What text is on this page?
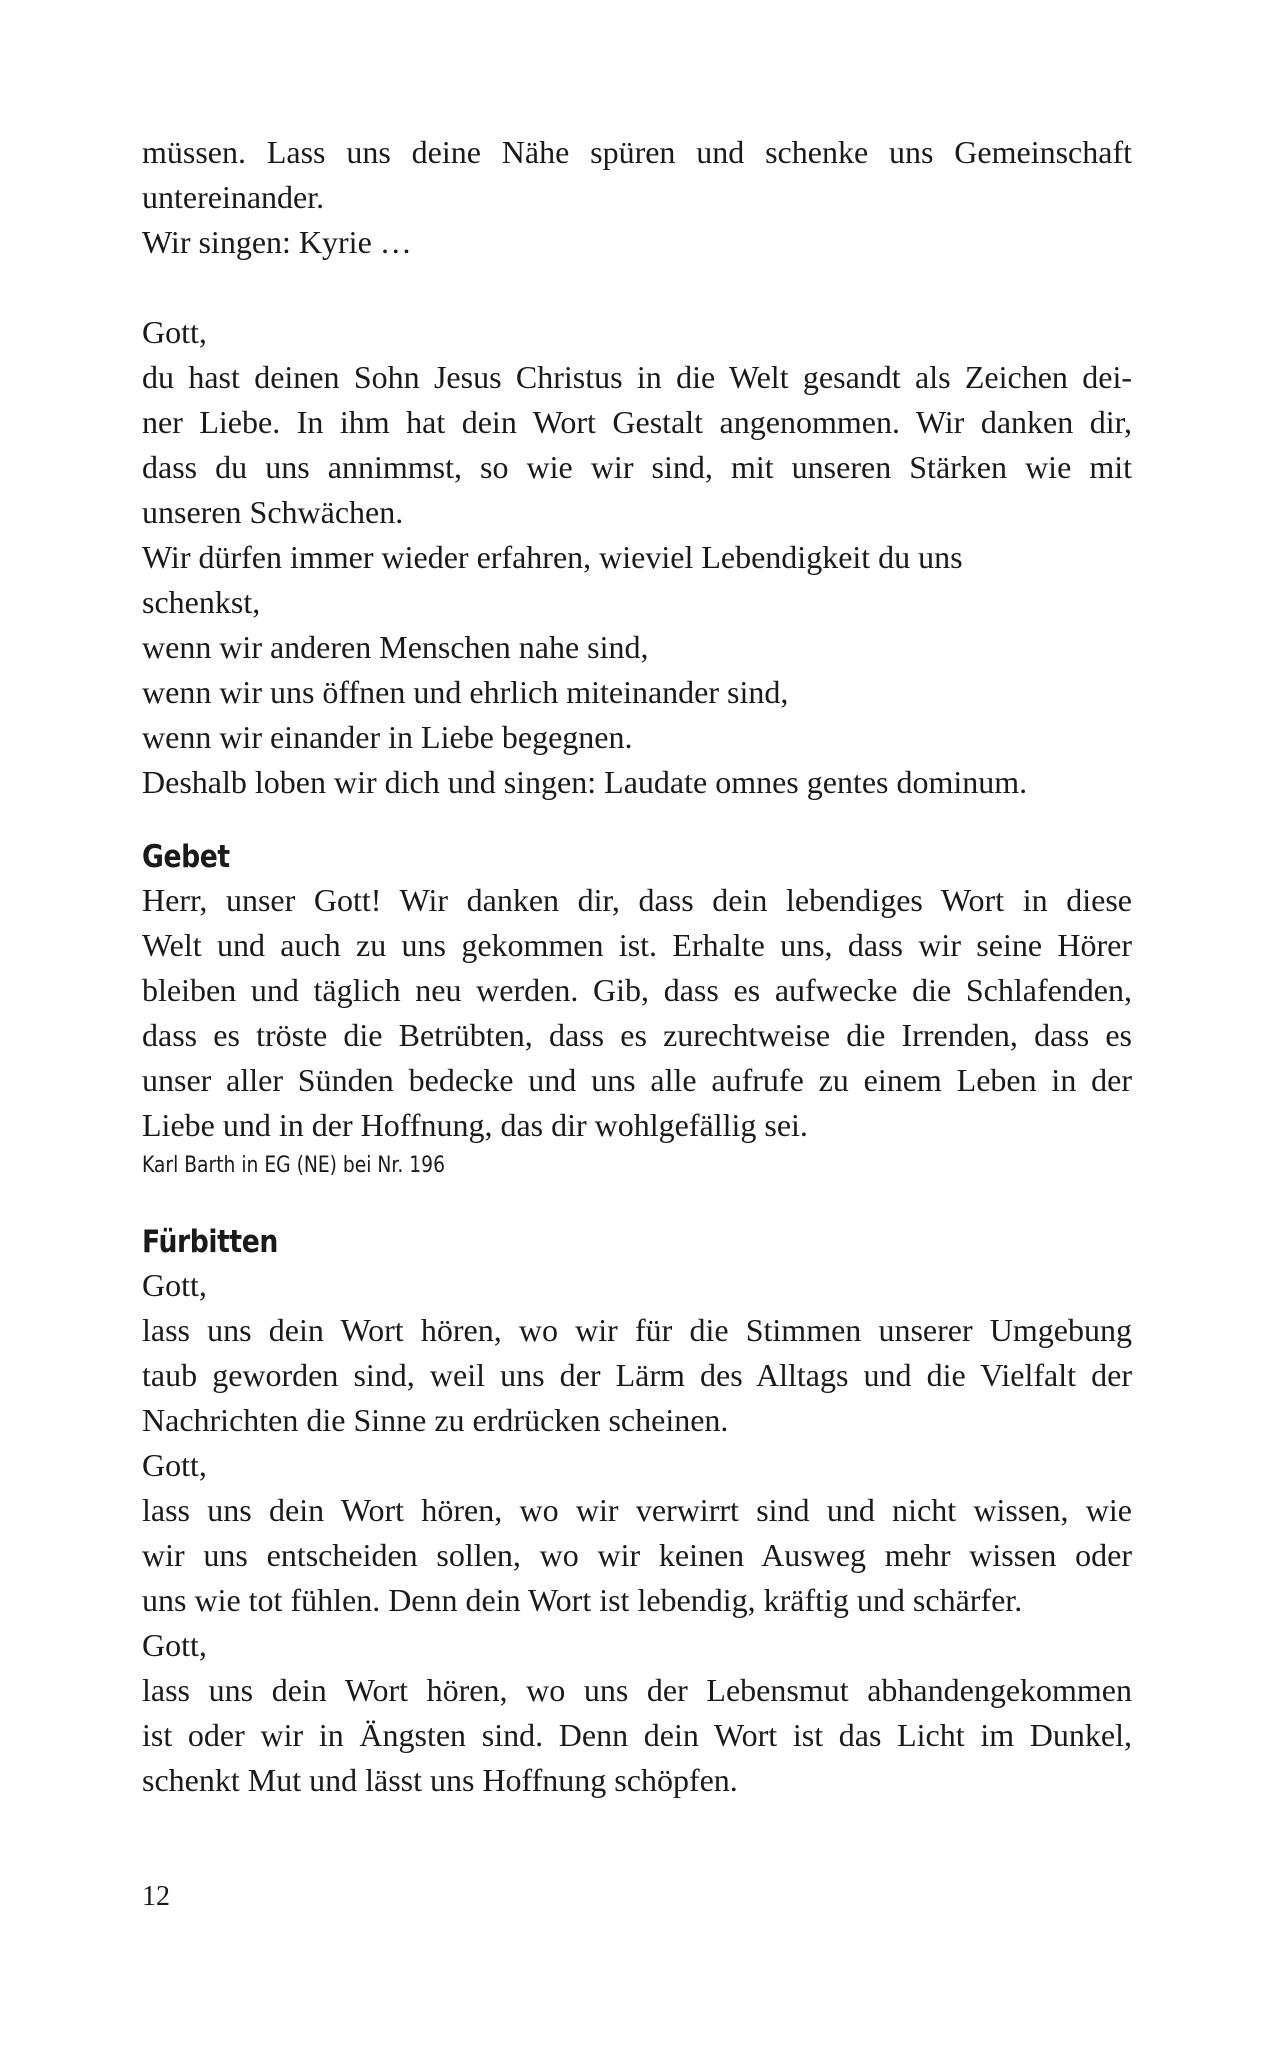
müssen. Lass uns deine Nähe spüren und schenke uns Gemeinschaft
untereinander.
Wir singen: Kyrie …
Gott,
du hast deinen Sohn Jesus Christus in die Welt gesandt als Zeichen dei-
ner Liebe. In ihm hat dein Wort Gestalt angenommen. Wir danken dir,
dass du uns annimmst, so wie wir sind, mit unseren Stärken wie mit
unseren Schwächen.
Wir dürfen immer wieder erfahren, wieviel Lebendigkeit du uns
schenkst,
wenn wir anderen Menschen nahe sind,
wenn wir uns öffnen und ehrlich miteinander sind,
wenn wir einander in Liebe begegnen.
Deshalb loben wir dich und singen: Laudate omnes gentes dominum.
Gebet
Herr, unser Gott! Wir danken dir, dass dein lebendiges Wort in diese
Welt und auch zu uns gekommen ist. Erhalte uns, dass wir seine Hörer
bleiben und täglich neu werden. Gib, dass es aufwecke die Schlafenden,
dass es tröste die Betrübten, dass es zurechtweise die Irrenden, dass es
unser aller Sünden bedecke und uns alle aufrufe zu einem Leben in der
Liebe und in der Hoffnung, das dir wohlgefällig sei.
Karl Barth in EG (NE) bei Nr. 196
Fürbitten
Gott,
lass uns dein Wort hören, wo wir für die Stimmen unserer Umgebung
taub geworden sind, weil uns der Lärm des Alltags und die Vielfalt der
Nachrichten die Sinne zu erdrücken scheinen.
Gott,
lass uns dein Wort hören, wo wir verwirrt sind und nicht wissen, wie
wir uns entscheiden sollen, wo wir keinen Ausweg mehr wissen oder
uns wie tot fühlen. Denn dein Wort ist lebendig, kräftig und schärfer.
Gott,
lass uns dein Wort hören, wo uns der Lebensmut abhandengekommen
ist oder wir in Ängsten sind. Denn dein Wort ist das Licht im Dunkel,
schenkt Mut und lässt uns Hoffnung schöpfen.
12
